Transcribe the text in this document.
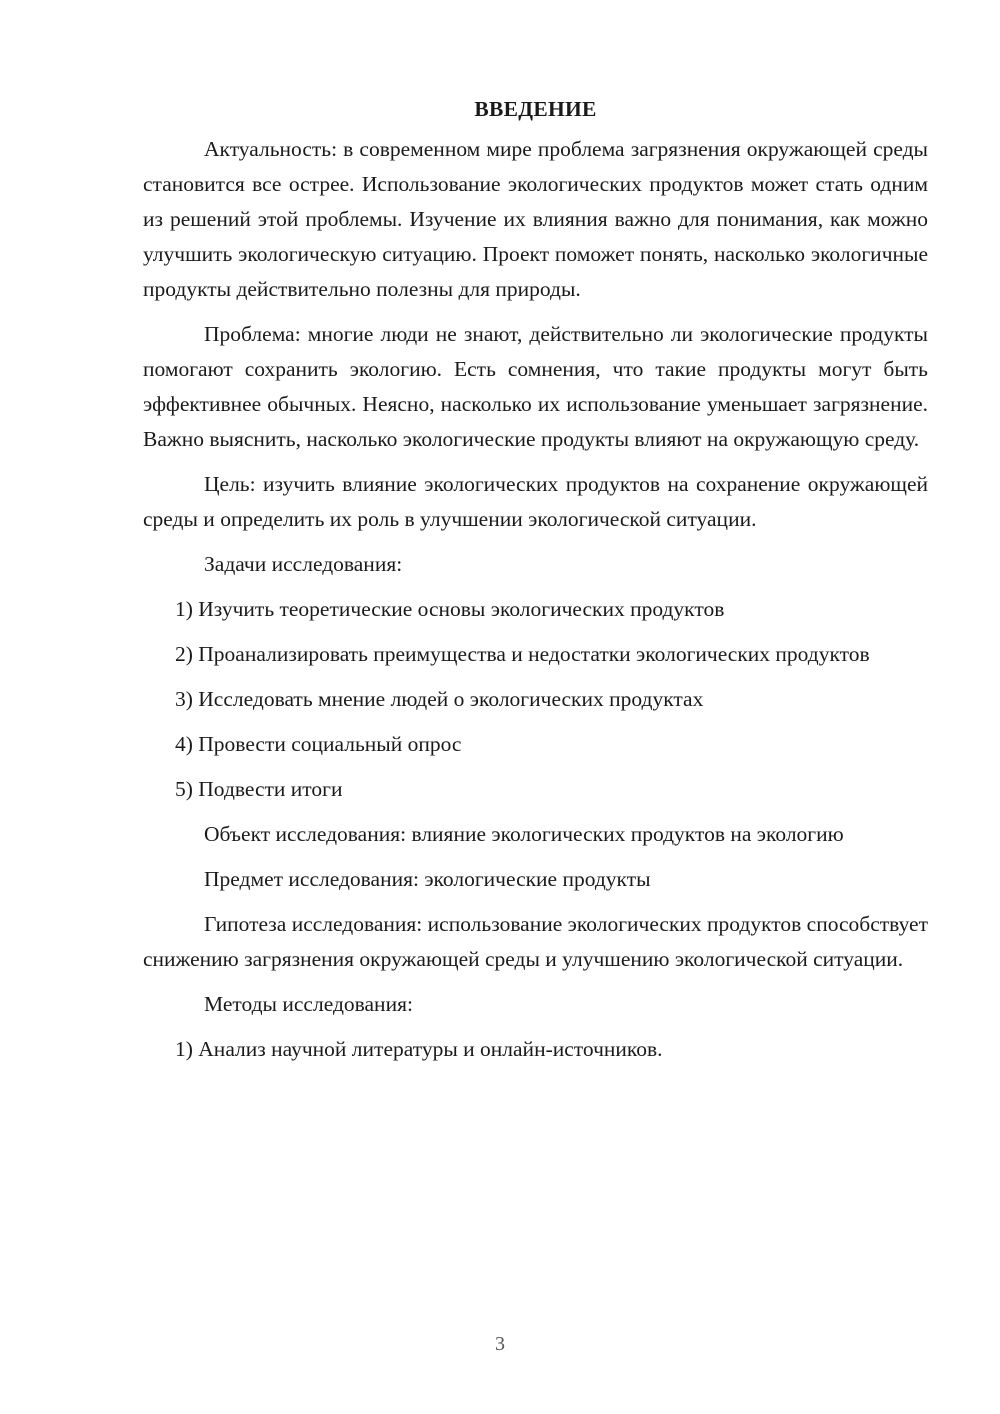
ВВЕДЕНИЕ

Актуальность: в современном мире проблема загрязнения окружающей среды становится все острее. Использование экологических продуктов может стать одним из решений этой проблемы. Изучение их влияния важно для понимания, как можно улучшить экологическую ситуацию. Проект поможет понять, насколько экологичные продукты действительно полезны для природы.

Проблема: многие люди не знают, действительно ли экологические продукты помогают сохранить экологию. Есть сомнения, что такие продукты могут быть эффективнее обычных. Неясно, насколько их использование уменьшает загрязнение. Важно выяснить, насколько экологические продукты влияют на окружающую среду.

Цель: изучить влияние экологических продуктов на сохранение окружающей среды и определить их роль в улучшении экологической ситуации.

Задачи исследования:

1) Изучить теоретические основы экологических продуктов

2) Проанализировать преимущества и недостатки экологических продуктов

3) Исследовать мнение людей о экологических продуктах

4) Провести социальный опрос

5) Подвести итоги

Объект исследования: влияние экологических продуктов на экологию

Предмет исследования: экологические продукты

Гипотеза исследования: использование экологических продуктов способствует снижению загрязнения окружающей среды и улучшению экологической ситуации.

Методы исследования:

1) Анализ научной литературы и онлайн-источников.

3
